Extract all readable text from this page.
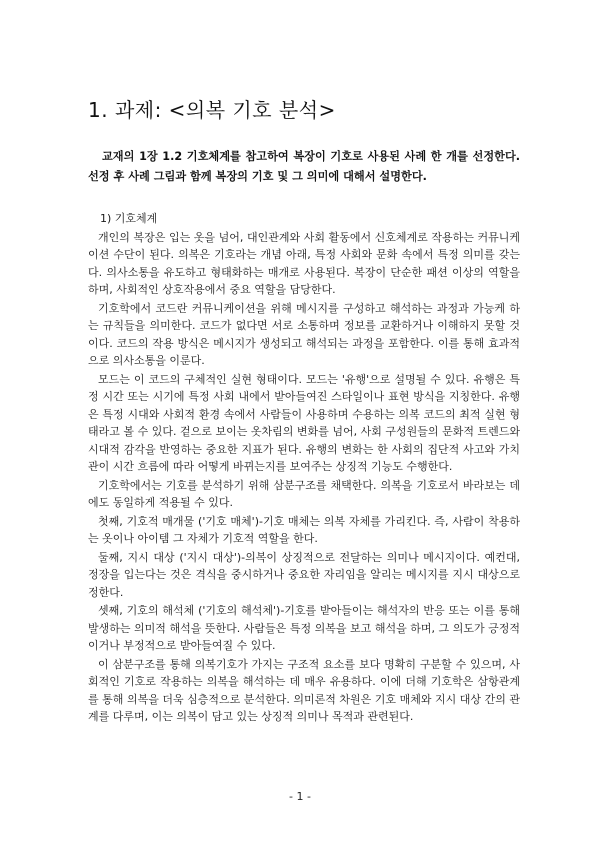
1. 과제: <의복 기호 분석>

교재의 1장 1.2 기호체계를 참고하여 복장이 기호로 사용된 사례 한 개를 선정한다. 선정 후 사례 그림과 함께 복장의 기호 및 그 의미에 대해서 설명한다.

1) 기호체계

개인의 복장은 입는 옷을 넘어, 대인관계와 사회 활동에서 신호체계로 작용하는 커뮤니케이션 수단이 된다. 의복은 기호라는 개념 아래, 특정 사회와 문화 속에서 특정 의미를 갖는다. 의사소통을 유도하고 형태화하는 매개로 사용된다. 복장이 단순한 패션 이상의 역할을 하며, 사회적인 상호작용에서 중요 역할을 담당한다.

기호학에서 코드란 커뮤니케이션을 위해 메시지를 구성하고 해석하는 과정과 가능케 하는 규칙들을 의미한다. 코드가 없다면 서로 소통하며 정보를 교환하거나 이해하지 못할 것이다. 코드의 작용 방식은 메시지가 생성되고 해석되는 과정을 포함한다. 이를 통해 효과적으로 의사소통을 이룬다.

모드는 이 코드의 구체적인 실현 형태이다. 모드는 '유행'으로 설명될 수 있다. 유행은 특정 시간 또는 시기에 특정 사회 내에서 받아들여진 스타일이나 표현 방식을 지칭한다. 유행은 특정 시대와 사회적 환경 속에서 사람들이 사용하며 수용하는 의복 코드의 최적 실현 형태라고 볼 수 있다. 겉으로 보이는 옷차림의 변화를 넘어, 사회 구성원들의 문화적 트렌드와 시대적 감각을 반영하는 중요한 지표가 된다. 유행의 변화는 한 사회의 집단적 사고와 가치관이 시간 흐름에 따라 어떻게 바뀌는지를 보여주는 상징적 기능도 수행한다.

기호학에서는 기호를 분석하기 위해 삼분구조를 채택한다. 의복을 기호로서 바라보는 데에도 동일하게 적용될 수 있다.

첫째, 기호적 매개물 ('기호 매체')-기호 매체는 의복 자체를 가리킨다. 즉, 사람이 착용하는 옷이나 아이템 그 자체가 기호적 역할을 한다.

둘째, 지시 대상 ('지시 대상')-의복이 상징적으로 전달하는 의미나 메시지이다. 예컨대, 정장을 입는다는 것은 격식을 중시하거나 중요한 자리임을 알리는 메시지를 지시 대상으로 정한다.

셋째, 기호의 해석체 ('기호의 해석체')-기호를 받아들이는 해석자의 반응 또는 이를 통해 발생하는 의미적 해석을 뜻한다. 사람들은 특정 의복을 보고 해석을 하며, 그 의도가 긍정적이거나 부정적으로 받아들여질 수 있다.

이 삼분구조를 통해 의복기호가 가지는 구조적 요소를 보다 명확히 구분할 수 있으며, 사회적인 기호로 작용하는 의복을 해석하는 데 매우 유용하다. 이에 더해 기호학은 삼항관계를 통해 의복을 더욱 심층적으로 분석한다. 의미론적 차원은 기호 매체와 지시 대상 간의 관계를 다루며, 이는 의복이 담고 있는 상징적 의미나 목적과 관련된다.

- 1 -
